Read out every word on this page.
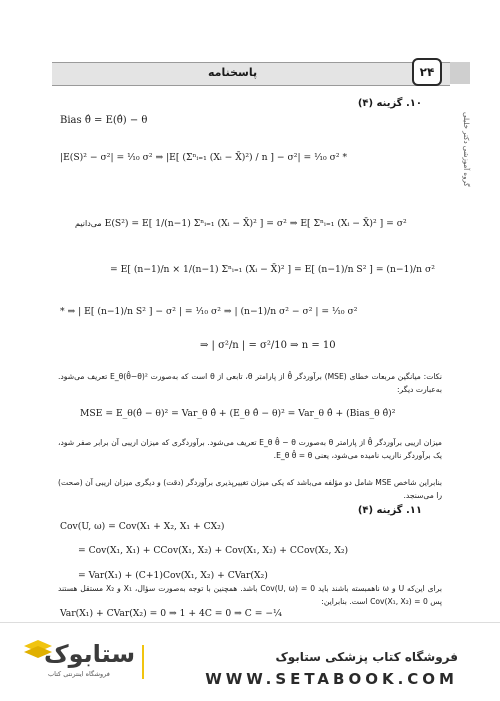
پاسخنامه	۲۴
گروه آموزشی دکتر خلیلی
۱۰. گزینه (۴)
Bias θ̂ = E(θ̂) − θ
|E(S)² − σ²| = ¹⁄₁₀ σ² ⇒ |E[ (Σⁿᵢ₌₁ (Xᵢ − X̄)²) / n ] − σ²| = ¹⁄₁₀ σ² *
می‌دانیم E(S²) = E[ 1/(n−1) Σⁿᵢ₌₁ (Xᵢ − X̄)² ] = σ² ⇒ E[ Σⁿᵢ₌₁ (Xᵢ − X̄)² ] = σ²
= E[ (n−1)/n × 1/(n−1) Σⁿᵢ₌₁ (Xᵢ − X̄)² ] = E[ (n−1)/n S² ] = (n−1)/n σ²
* ⇒ | E[ (n−1)/n S² ] − σ² | = ¹⁄₁₀ σ² ⇒ | (n−1)/n σ² − σ² | = ¹⁄₁₀ σ²
⇒ | σ²/n | = σ²/10 ⇒ n = 10
نکات: میانگین مربعات خطای (MSE) برآوردگر θ̂ از پارامتر θ، تابعی از θ است که به‌صورت E_θ(θ̂−θ)² تعریف می‌شود. به‌عبارت دیگر:
MSE = E_θ(θ̂ − θ)² = Var_θ θ̂ + (E_θ θ̂ − θ)² = Var_θ θ̂ + (Bias_θ θ̂)²
میزان اریبی برآوردگر θ̂ از پارامتر θ به‌صورت E_θ θ̂ − θ تعریف می‌شود. برآوردگری که میزان اریبی آن برابر صفر شود، یک برآوردگر نااریب نامیده می‌شود، یعنی E_θ θ̂ = θ.
بنابراین شاخص MSE شامل دو مؤلفه می‌باشد که یکی میزان تغییرپذیری برآوردگر (دقت) و دیگری میزان اریبی آن (صحت) را می‌سنجد.
۱۱. گزینه (۴)
Cov(U, ω) = Cov(X₁ + X₂, X₁ + CX₂)
= Cov(X₁, X₁) + CCov(X₁, X₂) + Cov(X₁, X₂) + CCov(X₂, X₂)
= Var(X₁) + (C+1)Cov(X₁, X₂) + CVar(X₂)
برای این‌که U و ω ناهمبسته باشند باید Cov(U, ω) = 0 باشد. همچنین با توجه به‌صورت سؤال، X₁ و X₂ مستقل هستند پس Cov(X₁, X₂) = 0 است. بنابراین:
Var(X₁) + CVar(X₂) = 0 ⇒ 1 + 4C = 0 ⇒ C = −¼
ستابوک
فروشگاه اینترنتی کتاب
فروشگاه کتاب پزشکی ستابوک
WWW.SETABOOK.COM
